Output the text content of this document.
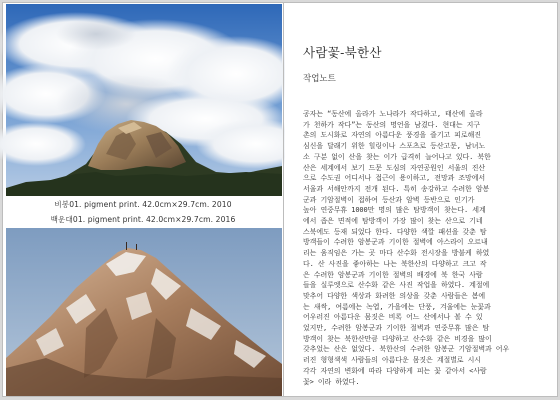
비봉01. pigment print. 42.0cm×29.7cm. 2010
백운대01. pigment print. 42.0cm×29.7cm. 2016
사람꽃-북한산
작업노트
공자는 “동산에 올라가 노나라가 작다하고, 태산에 올라
가 천하가 작다”는 동산의 명언을 남겼다. 현대는 지구
촌의 도시화로 자연의 아름다운 풍경을 즐기고 피로해진
심신을 달래기 위한 힐링이나 스포츠로 등산고문, 남녀노
소 구분 없이 산을 찾는 이가 급격히 늘어나고 있다. 북한
산은 세계에서 보기 드문 도심의 자연공원인 서울의 진산
으로 수도권 어디서나 접근이 용이하고, 전망과 조망에서
서울과 서해안까지 전개 된다. 특히 송강하고 수려한 암봉
군과 기암절벽이 접하여 등산과 암벽 등반으로 인기가
높아 연중무휴 1000만 명의 많은 탐방객이 찾는다. 세계
에서 좁은 면적에 탐방객이 가장 많이 찾는 산으로 기네
스북에도 등재 되었다 한다. 다양한 색깔 패션을 갖춘 탐
방객들이 수려한 암봉군과 기이한 절벽에 아스라이 오르내
리는 움직임은 가는 곳 마다 산수화 전시장을 방불케 하였
다. 산 사진을 좋아하는 나는 북한산의 다양하고 크고 작
은 수려한 암봉군과 기이한 절벽의 배경에 북 한국 사람
들을 실루엣으로 산수화 같은 사진 작업을 하였다. 계절에
맞추어 다양한 색상과 화려한 의상을 갖춘 사람들은 봄에
는 새싹, 여름에는 녹엽, 가을에는 단풍, 겨울에는 눈꽃과
어우러진 아름다운 몸짓은 비록 어느 산에서나 볼 수 있
었지만, 수려한 암봉군과 기이한 절벽과 연중무휴 많은 탐
방객이 찾는 북한산만큼 다양하고 산수화 같은 비경을 많이
갖추었는 산은 없었다. 북한산의 수려한 암봉군 기암절벽과 어우
러진 형형색색 사람들의 아름다운 몸짓은 계절별로 시시
각각 자연의 변화에 따라 다양하게 피는 꽃 같아서 <사람
꽃> 이라 하였다.
